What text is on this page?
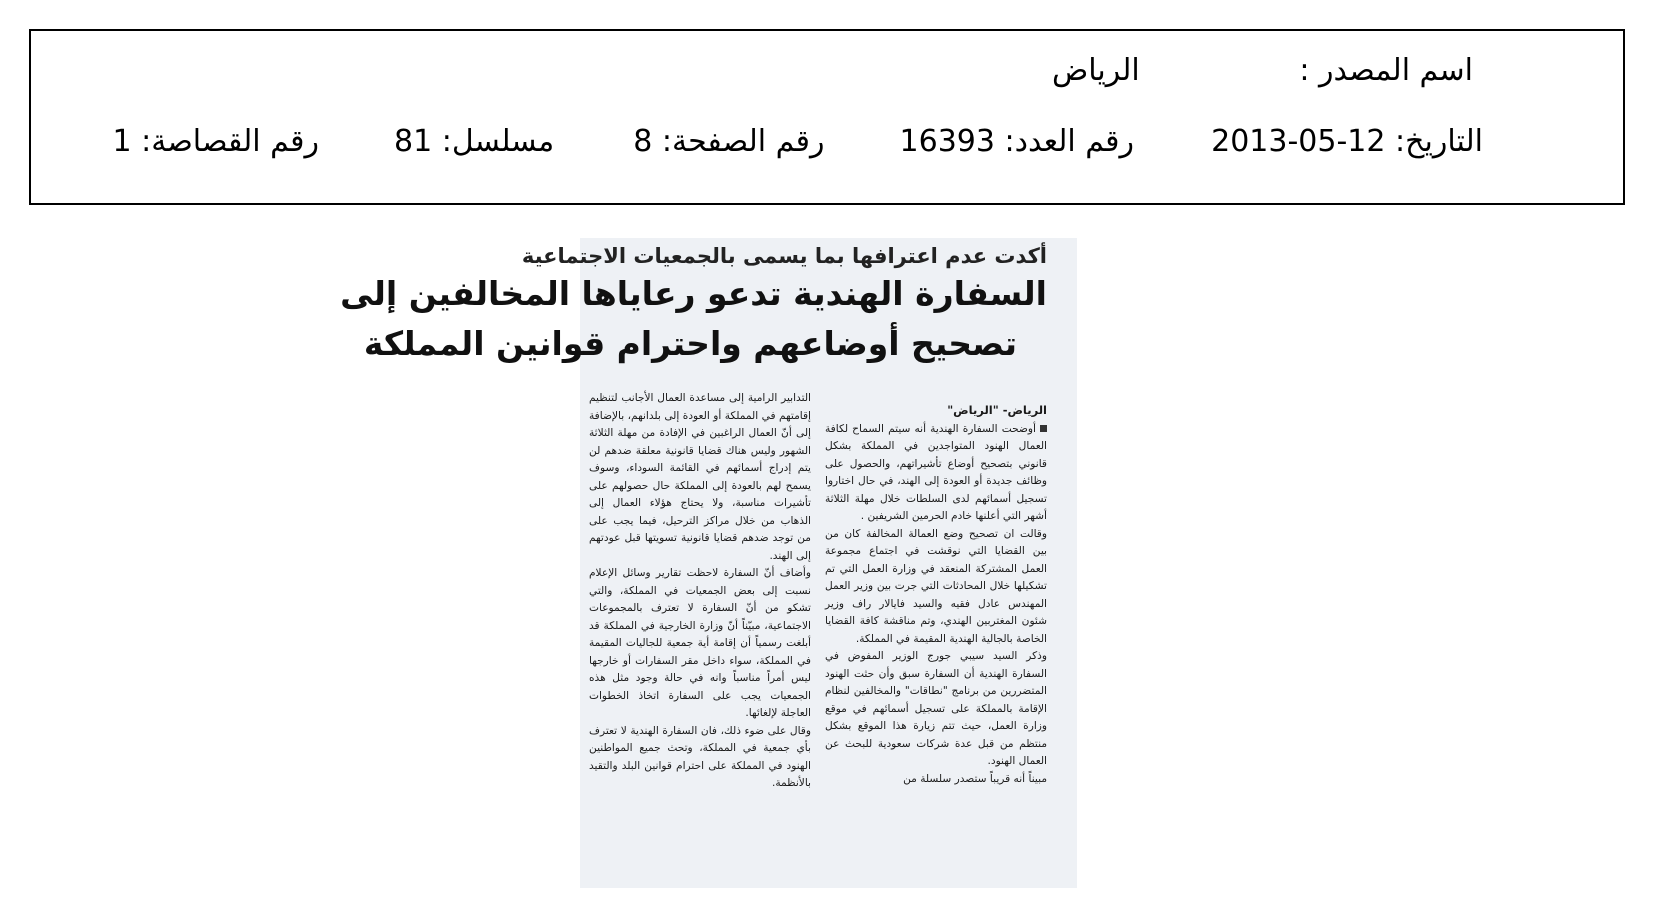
اسم المصدر : الرياض
التاريخ: 2013-05-12  رقم العدد: 16393  رقم الصفحة: 8  مسلسل: 81  رقم القصاصة: 1
أكدت عدم اعترافها بما يسمى بالجمعيات الاجتماعية
السفارة الهندية تدعو رعاياها المخالفين إلى
تصحيح أوضاعهم واحترام قوانين المملكة

الرياض- "الرياض"

أوضحت السفارة الهندية أنه سيتم السماح لكافة العمال الهنود المتواجدين في المملكة بشكل قانوني بتصحيح أوضاع تأشيراتهم، والحصول على وظائف جديدة أو العودة إلى الهند، في حال اختاروا تسجيل أسمائهم لدى السلطات خلال مهلة الثلاثة أشهر التي أعلنها خادم الحرمين الشريفين .

وقالت ان تصحيح وضع العمالة المخالفة كان من بين القضايا التي نوقشت في اجتماع مجموعة العمل المشتركة المنعقد في وزارة العمل التي تم تشكيلها خلال المحادثات التي جرت بين وزير العمل المهندس عادل فقيه والسيد فايالار راف وزير شئون المغتربين الهندي، وتم مناقشة كافة القضايا الخاصة بالجالية الهندية المقيمة في المملكة.

وذكر السيد سيبي جورج الوزير المفوض في السفارة الهندية أن السفارة سبق وأن حثت الهنود المتضررين من برنامج "نطاقات" والمخالفين لنظام الإقامة بالمملكة على تسجيل أسمائهم في موقع وزارة العمل، حيث تتم زيارة هذا الموقع بشكل منتظم من قبل عدة شركات سعودية للبحث عن العمال الهنود.

مبيناً أنه قريباً ستصدر سلسلة من

التدابير الرامية إلى مساعدة العمال الأجانب لتنظيم إقامتهم في المملكة أو العودة إلى بلدانهم، بالإضافة إلى أنّ العمال الراغبين في الإفادة من مهلة الثلاثة الشهور وليس هناك قضايا قانونية معلقة ضدهم لن يتم إدراج أسمائهم في القائمة السوداء، وسوف يسمح لهم بالعودة إلى المملكة حال حصولهم على تأشيرات مناسبة، ولا يحتاج هؤلاء العمال إلى الذهاب من خلال مراكز الترحيل، فيما يجب على من توجد ضدهم قضايا قانونية تسويتها قبل عودتهم إلى الهند.

وأضاف أنّ السفارة لاحظت تقارير وسائل الإعلام نسبت إلى بعض الجمعيات في المملكة، والتي تشكو من أنّ السفارة لا تعترف بالمجموعات الاجتماعية، مبيّناً أنّ وزارة الخارجية في المملكة قد أبلغت رسمياً أن إقامة أية جمعية للجاليات المقيمة في المملكة، سواء داخل مقر السفارات أو خارجها ليس أمراً مناسباً وانه في حالة وجود مثل هذه الجمعيات يجب على السفارة اتخاذ الخطوات العاجلة لإلغائها.

وقال على ضوء ذلك، فان السفارة الهندية لا تعترف بأي جمعية في المملكة، وتحث جميع المواطنين الهنود في المملكة على احترام قوانين البلد والتقيد بالأنظمة.
